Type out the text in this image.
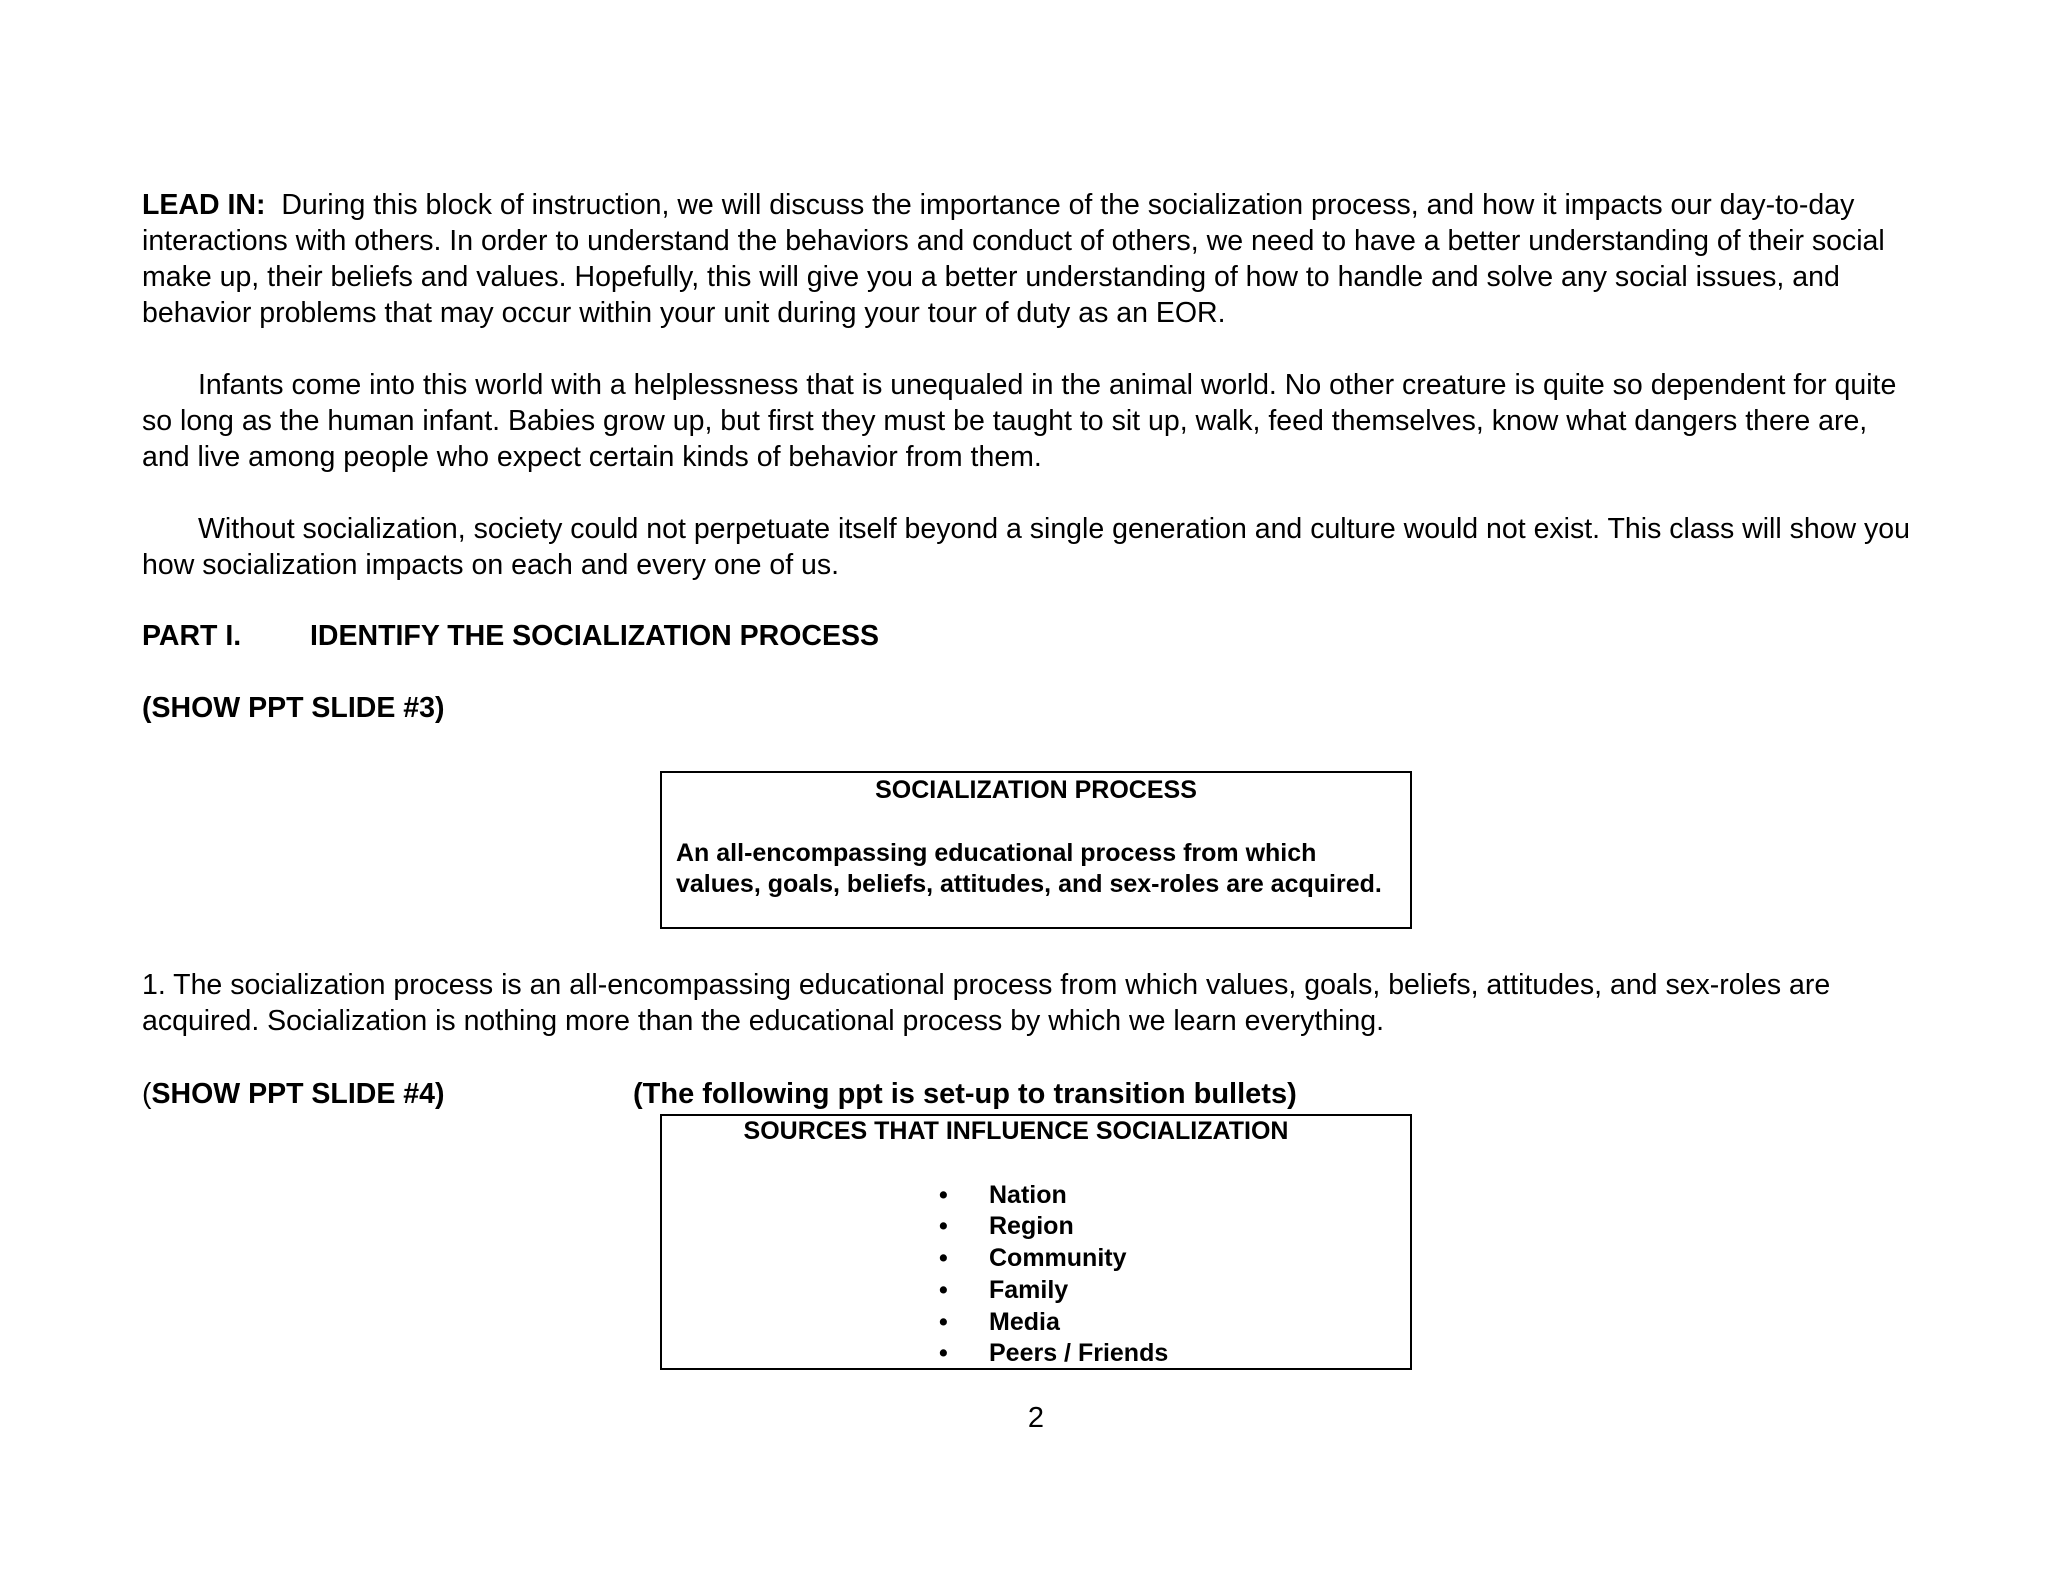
LEAD IN: During this block of instruction, we will discuss the importance of the socialization process, and how it impacts our day-to-day interactions with others. In order to understand the behaviors and conduct of others, we need to have a better understanding of their social make up, their beliefs and values. Hopefully, this will give you a better understanding of how to handle and solve any social issues, and behavior problems that may occur within your unit during your tour of duty as an EOR.

Infants come into this world with a helplessness that is unequaled in the animal world. No other creature is quite so dependent for quite so long as the human infant. Babies grow up, but first they must be taught to sit up, walk, feed themselves, know what dangers there are, and live among people who expect certain kinds of behavior from them.

Without socialization, society could not perpetuate itself beyond a single generation and culture would not exist. This class will show you how socialization impacts on each and every one of us.

PART I. IDENTIFY THE SOCIALIZATION PROCESS

(SHOW PPT SLIDE #3)

SOCIALIZATION PROCESS
An all-encompassing educational process from which values, goals, beliefs, attitudes, and sex-roles are acquired.

1. The socialization process is an all-encompassing educational process from which values, goals, beliefs, attitudes, and sex-roles are acquired. Socialization is nothing more than the educational process by which we learn everything.

(SHOW PPT SLIDE #4)	(The following ppt is set-up to transition bullets)
SOURCES THAT INFLUENCE SOCIALIZATION
• Nation
• Region
• Community
• Family
• Media
• Peers / Friends
2
